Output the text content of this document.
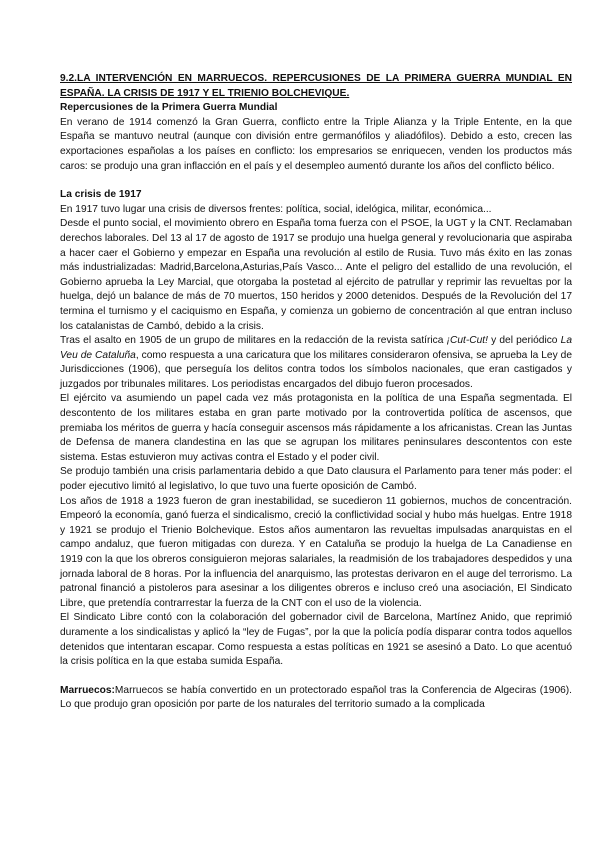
9.2.LA INTERVENCIÓN EN MARRUECOS. REPERCUSIONES DE LA PRIMERA GUERRA MUNDIAL EN ESPAÑA. LA CRISIS DE 1917 Y EL TRIENIO BOLCHEVIQUE.

Repercusiones de la Primera Guerra Mundial

En verano de 1914 comenzó la Gran Guerra, conflicto entre la Triple Alianza y la Triple Entente, en la que España se mantuvo neutral (aunque con división entre germanófilos y aliadófilos). Debido a esto, crecen las exportaciones españolas a los países en conflicto: los empresarios se enriquecen, venden los productos más caros: se produjo una gran inflacción en el país y el desempleo aumentó durante los años del conflicto bélico.

La crisis de 1917

En 1917 tuvo lugar una crisis de diversos frentes: política, social, idelógica, militar, económica...

Desde el punto social, el movimiento obrero en España toma fuerza con el PSOE, la UGT y la CNT. Reclamaban derechos laborales. Del 13 al 17 de agosto de 1917 se produjo una huelga general y revolucionaria que aspiraba a hacer caer el Gobierno y empezar en España una revolución al estilo de Rusia. Tuvo más éxito en las zonas más industrializadas: Madrid,Barcelona,Asturias,País Vasco... Ante el peligro del estallido de una revolución, el Gobierno aprueba la Ley Marcial, que otorgaba la postetad al ejército de patrullar y reprimir las revueltas por la huelga, dejó un balance de más de 70 muertos, 150 heridos y 2000 detenidos. Después de la Revolución del 17 termina el turnismo y el caciquismo en España, y comienza un gobierno de concentración al que entran incluso los catalanistas de Cambó, debido a la crisis.

Tras el asalto en 1905 de un grupo de militares en la redacción de la revista satírica ¡Cut-Cut! y del periódico La Veu de Cataluña, como respuesta a una caricatura que los militares consideraron ofensiva, se aprueba la Ley de Jurisdicciones (1906), que perseguía los delitos contra todos los símbolos nacionales, que eran castigados y juzgados por tribunales militares. Los periodistas encargados del dibujo fueron procesados.

El ejército va asumiendo un papel cada vez más protagonista en la política de una España segmentada. El descontento de los militares estaba en gran parte motivado por la controvertida política de ascensos, que premiaba los méritos de guerra y hacía conseguir ascensos más rápidamente a los africanistas. Crean las Juntas de Defensa de manera clandestina en las que se agrupan los militares peninsulares descontentos con este sistema. Estas estuvieron muy activas contra el Estado y el poder civil.

Se produjo también una crisis parlamentaria debido a que Dato clausura el Parlamento para tener más poder: el poder ejecutivo limitó al legislativo, lo que tuvo una fuerte oposición de Cambó.

Los años de 1918 a 1923 fueron de gran inestabilidad, se sucedieron 11 gobiernos, muchos de concentración. Empeoró la economía, ganó fuerza el sindicalismo, creció la conflictividad social y hubo más huelgas. Entre 1918 y 1921 se produjo el Trienio Bolchevique. Estos años aumentaron las revueltas impulsadas anarquistas en el campo andaluz, que fueron mitigadas con dureza. Y en Cataluña se produjo la huelga de La Canadiense en 1919 con la que los obreros consiguieron mejoras salariales, la readmisión de los trabajadores despedidos y una jornada laboral de 8 horas. Por la influencia del anarquismo, las protestas derivaron en el auge del terrorismo. La patronal financió a pistoleros para asesinar a los diligentes obreros e incluso creó una asociación, El Sindicato Libre, que pretendía contrarrestar la fuerza de la CNT con el uso de la violencia.

El Sindicato Libre contó con la colaboración del gobernador civil de Barcelona, Martínez Anido, que reprimió duramente a los sindicalistas y aplicó la “ley de Fugas”, por la que la policía podía disparar contra todos aquellos detenidos que intentaran escapar. Como respuesta a estas políticas en 1921 se asesinó a Dato. Lo que acentuó la crisis política en la que estaba sumida España.

Marruecos:Marruecos se había convertido en un protectorado español tras la Conferencia de Algeciras (1906). Lo que produjo gran oposición por parte de los naturales del territorio sumado a la complicada
